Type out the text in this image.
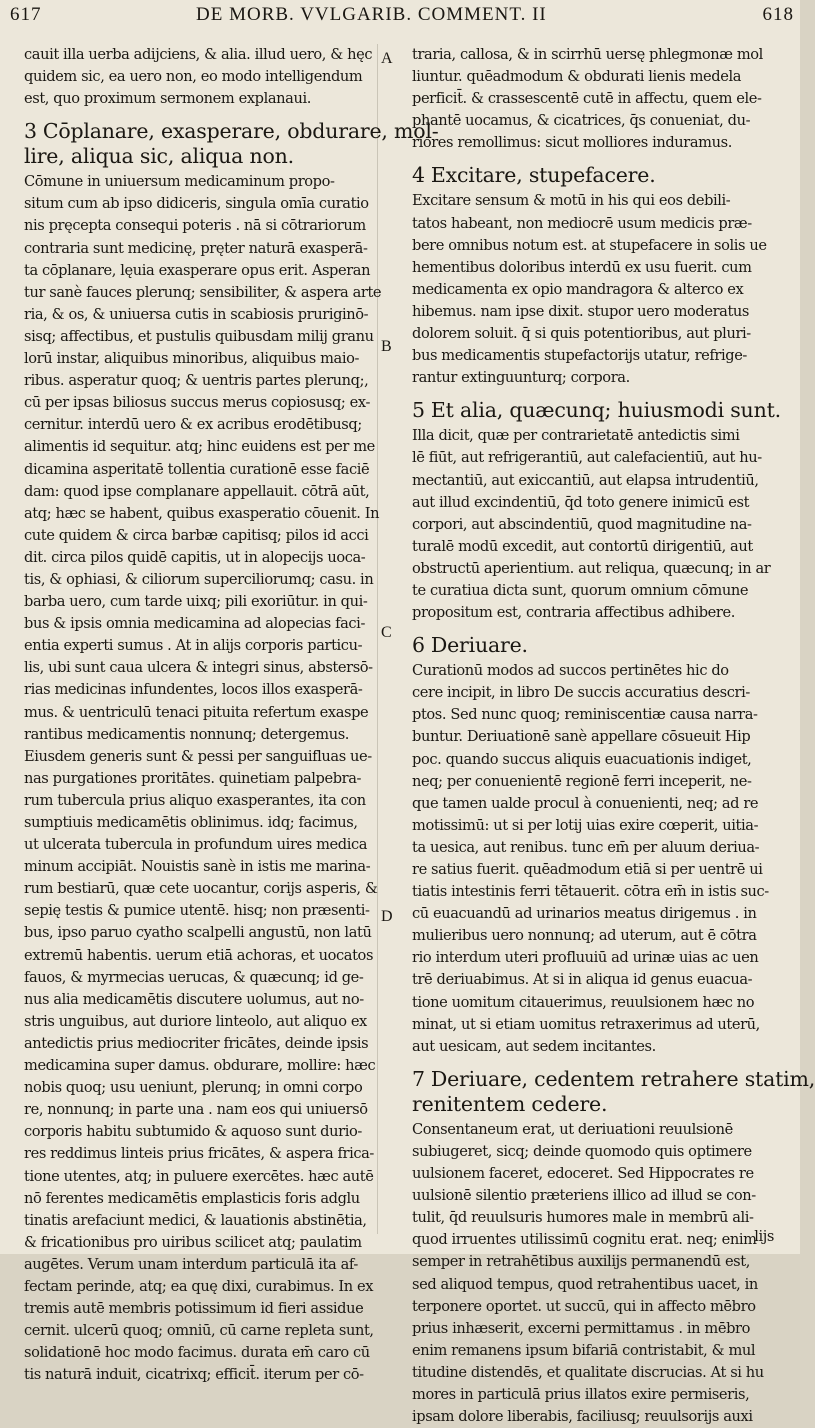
617	DE MORB. VVLGARIB. COMMENT. II	618
A
B
C
D
cauit illa uerba adijciens, & alia. illud uero, & hęc
quidem sic, ea uero non, eo modo intelligendum
est, quo proximum sermonem explanaui.
3 Cōplanare, exasperare, obdurare, mol-
lire, aliqua sic, aliqua non.
Cōmune in uniuersum medicaminum propo-
situm cum ab ipso didiceris, singula omīa curatio
nis pręcepta consequi poteris . nā si cōtrariorum
contraria sunt medicinę, pręter naturā exasperā-
ta cōplanare, lęuia exasperare opus erit. Asperan
tur sanè fauces plerunq; sensibiliter, & aspera arte
ria, & os, & uniuersa cutis in scabiosis pruriginō-
sisq; affectibus, et pustulis quibusdam milij granu
lorū instar, aliquibus minoribus, aliquibus maio-
ribus. asperatur quoq; & uentris partes plerunq;,
cū per ipsas biliosus succus merus copiosusq; ex-
cernitur. interdū uero & ex acribus erodētibusq;
alimentis id sequitur. atq; hinc euidens est per me
dicamina asperitatē tollentia curationē esse faciē
dam: quod ipse complanare appellauit. cōtrā aūt,
atq; hæc se habent, quibus exasperatio cōuenit. In
cute quidem & circa barbæ capitisq; pilos id acci
dit. circa pilos quidē capitis, ut in alopecijs uoca-
tis, & ophiasi, & ciliorum superciliorumq; casu. in
barba uero, cum tarde uixq; pili exoriūtur. in qui-
bus & ipsis omnia medicamina ad alopecias faci-
entia experti sumus . At in alijs corporis particu-
lis, ubi sunt caua ulcera & integri sinus, abstersō-
rias medicinas infundentes, locos illos exasperā-
mus. & uentriculū tenaci pituita refertum exaspe
rantibus medicamentis nonnunq; detergemus.
Eiusdem generis sunt & pessi per sanguifluas ue-
nas purgationes proritātes. quinetiam palpebra-
rum tubercula prius aliquo exasperantes, ita con
sumptiuis medicamētis oblinimus. idq; facimus,
ut ulcerata tubercula in profundum uires medica
minum accipiāt. Nouistis sanè in istis me marina-
rum bestiarū, quæ cete uocantur, corijs asperis, &
sepię testis & pumice utentē. hisq; non præsenti-
bus, ipso paruo cyatho scalpelli angustū, non latū
extremū habentis. uerum etiā achoras, et uocatos
fauos, & myrmecias uerucas, & quæcunq; id ge-
nus alia medicamētis discutere uolumus, aut no-
stris unguibus, aut duriore linteolo, aut aliquo ex
antedictis prius mediocriter fricātes, deinde ipsis
medicamina super damus. obdurare, mollire: hæc
nobis quoq; usu ueniunt, plerunq; in omni corpo
re, nonnunq; in parte una . nam eos qui uniuersō
corporis habitu subtumido & aquoso sunt durio-
res reddimus linteis prius fricātes, & aspera frica-
tione utentes, atq; in puluere exercētes. hæc autē
nō ferentes medicamētis emplasticis foris adglu
tinatis arefaciunt medici, & lauationis abstinētia,
& fricationibus pro uiribus scilicet atq; paulatim
augētes. Verum unam interdum particulā ita af-
fectam perinde, atq; ea quę dixi, curabimus. In ex
tremis autē membris potissimum id fieri assidue
cernit. ulcerū quoq; omniū, cū carne repleta sunt,
solidationē hoc modo facimus. durata em̄ caro cū
tis naturā induit, cicatrixq; efficit̄. iterum per cō-
traria, callosa, & in scirrhū uersę phlegmonæ mol
liuntur. quēadmodum & obdurati lienis medela
perficit̄. & crassescentē cutē in affectu, quem ele-
phantē uocamus, & cicatrices, q̄s conueniat, du-
riores remollimus: sicut molliores induramus.
4 Excitare, stupefacere.
Excitare sensum & motū in his qui eos debili-
tatos habeant, non mediocrē usum medicis præ-
bere omnibus notum est. at stupefacere in solis ue
hementibus doloribus interdū ex usu fuerit. cum
medicamenta ex opio mandragora & alterco ex
hibemus. nam ipse dixit. stupor uero moderatus
dolorem soluit. q̄ si quis potentioribus, aut pluri-
bus medicamentis stupefactorijs utatur, refrige-
rantur extinguunturq; corpora.
5 Et alia, quæcunq; huiusmodi sunt.
Illa dicit, quæ per contrarietatē antedictis simi
lē fiūt, aut refrigerantiū, aut calefacientiū, aut hu-
mectantiū, aut exiccantiū, aut elapsa intrudentiū,
aut illud excindentiū, q̄d toto genere inimicū est
corpori, aut abscindentiū, quod magnitudine na-
turalē modū excedit, aut contortū dirigentiū, aut
obstructū aperientium. aut reliqua, quæcunq; in ar
te curatiua dicta sunt, quorum omnium cōmune
propositum est, contraria affectibus adhibere.
6 Deriuare.
Curationū modos ad succos pertinētes hic do
cere incipit, in libro De succis accuratius descri-
ptos. Sed nunc quoq; reminiscentiæ causa narra-
buntur. Deriuationē sanè appellare cōsueuit Hip
poc. quando succus aliquis euacuationis indiget,
neq; per conuenientē regionē ferri inceperit, ne-
que tamen ualde procul à conuenienti, neq; ad re
motissimū: ut si per lotij uias exire cœperit, uitia-
ta uesica, aut renibus. tunc em̄ per aluum deriua-
re satius fuerit. quēadmodum etiā si per uentrē ui
tiatis intestinis ferri tētauerit. cōtra em̄ in istis suc-
cū euacuandū ad urinarios meatus dirigemus . in
mulieribus uero nonnunq; ad uterum, aut ē cōtra
rio interdum uteri profluuiū ad urinæ uias ac uen
trē deriuabimus. At si in aliqua id genus euacua-
tione uomitum citauerimus, reuulsionem hæc no
minat, ut si etiam uomitus retraxerimus ad uterū,
aut uesicam, aut sedem incitantes.
7 Deriuare, cedentem retrahere statim,
renitentem cedere.
Consentaneum erat, ut deriuationi reuulsionē
subiugeret, sicq; deinde quomodo quis optimere
uulsionem faceret, edoceret. Sed Hippocrates re
uulsionē silentio præteriens illico ad illud se con-
tulit, q̄d reuulsuris humores male in membrū ali-
quod irruentes utilissimū cognitu erat. neq; enim
semper in retrahētibus auxilijs permanendū est,
sed aliquod tempus, quod retrahentibus uacet, in
terponere oportet. ut succū, qui in affecto mēbro
prius inhæserit, excerni permittamus . in mēbro
enim remanens ipsum bifariā contristabit, & mul
titudine distendēs, et qualitate discrucias. At si hu
mores in particulā prius illatos exire permiseris,
ipsam dolore liberabis, faciliusq; reuulsorijs auxi
lijs
